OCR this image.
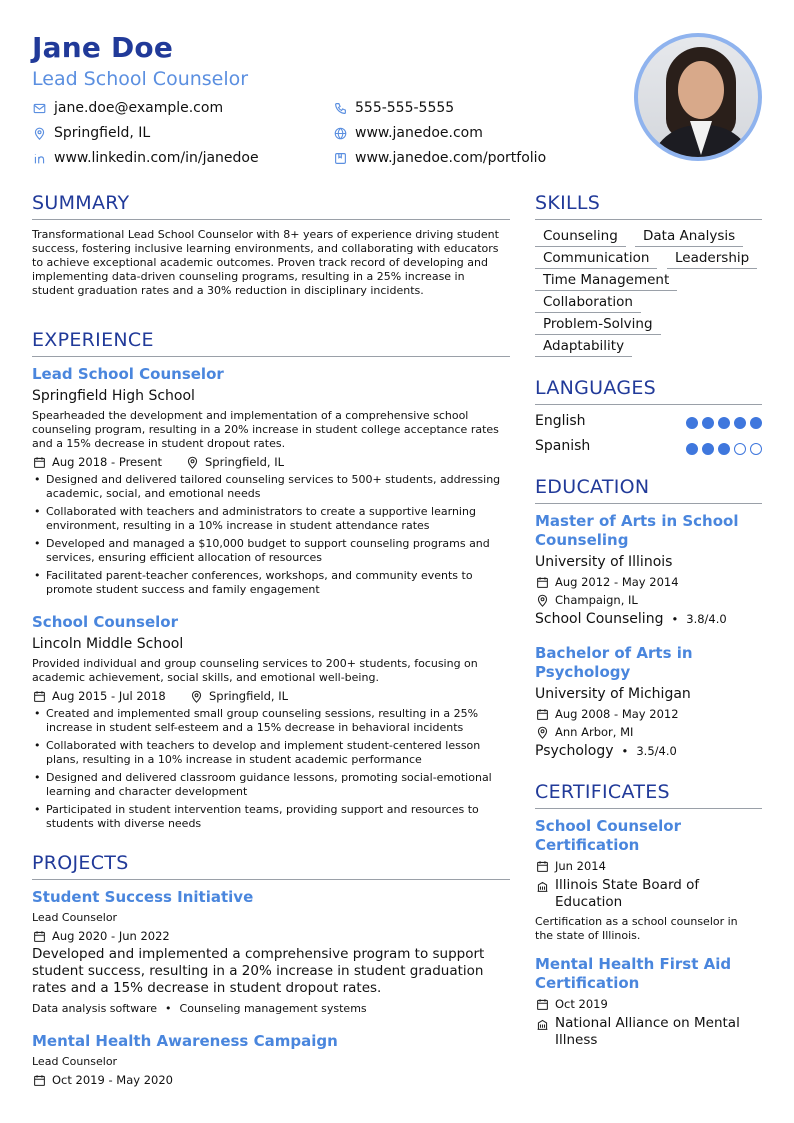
Jane Doe
Lead School Counselor
jane.doe@example.com	555-555-5555
Springfield, IL	www.janedoe.com
www.linkedin.com/in/janedoe	www.janedoe.com/portfolio
SUMMARY
Transformational Lead School Counselor with 8+ years of experience driving student success, fostering inclusive learning environments, and collaborating with educators to achieve exceptional academic outcomes. Proven track record of developing and implementing data-driven counseling programs, resulting in a 25% increase in student graduation rates and a 30% reduction in disciplinary incidents.
EXPERIENCE
Lead School Counselor
Springfield High School
Spearheaded the development and implementation of a comprehensive school counseling program, resulting in a 20% increase in student college acceptance rates and a 15% decrease in student dropout rates.
Aug 2018 - Present	Springfield, IL
• Designed and delivered tailored counseling services to 500+ students, addressing academic, social, and emotional needs
• Collaborated with teachers and administrators to create a supportive learning environment, resulting in a 10% increase in student attendance rates
• Developed and managed a $10,000 budget to support counseling programs and services, ensuring efficient allocation of resources
• Facilitated parent-teacher conferences, workshops, and community events to promote student success and family engagement
School Counselor
Lincoln Middle School
Provided individual and group counseling services to 200+ students, focusing on academic achievement, social skills, and emotional well-being.
Aug 2015 - Jul 2018	Springfield, IL
• Created and implemented small group counseling sessions, resulting in a 25% increase in student self-esteem and a 15% decrease in behavioral incidents
• Collaborated with teachers to develop and implement student-centered lesson plans, resulting in a 10% increase in student academic performance
• Designed and delivered classroom guidance lessons, promoting social-emotional learning and character development
• Participated in student intervention teams, providing support and resources to students with diverse needs
PROJECTS
Student Success Initiative
Lead Counselor
Aug 2020 - Jun 2022
Developed and implemented a comprehensive program to support student success, resulting in a 20% increase in student graduation rates and a 15% decrease in student dropout rates.
Data analysis software • Counseling management systems
Mental Health Awareness Campaign
Lead Counselor
Oct 2019 - May 2020
SKILLS
Counseling	Data Analysis
Communication	Leadership
Time Management
Collaboration
Problem-Solving
Adaptability
LANGUAGES
English
Spanish
EDUCATION
Master of Arts in School Counseling
University of Illinois
Aug 2012 - May 2014
Champaign, IL
School Counseling • 3.8/4.0
Bachelor of Arts in Psychology
University of Michigan
Aug 2008 - May 2012
Ann Arbor, MI
Psychology • 3.5/4.0
CERTIFICATES
School Counselor Certification
Jun 2014
Illinois State Board of Education
Certification as a school counselor in the state of Illinois.
Mental Health First Aid Certification
Oct 2019
National Alliance on Mental Illness
